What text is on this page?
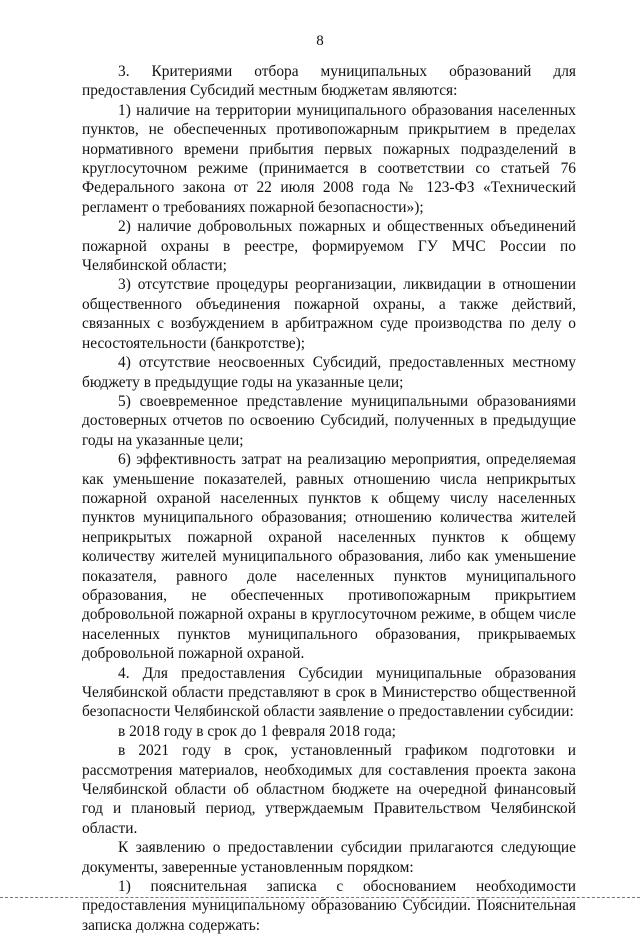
8

3. Критериями отбора муниципальных образований для предоставления Субсидий местным бюджетам являются:

1) наличие на территории муниципального образования населенных пунктов, не обеспеченных противопожарным прикрытием в пределах нормативного времени прибытия первых пожарных подразделений в круглосуточном режиме (принимается в соответствии со статьей 76 Федерального закона от 22 июля 2008 года № 123-ФЗ «Технический регламент о требованиях пожарной безопасности»);

2) наличие добровольных пожарных и общественных объединений пожарной охраны в реестре, формируемом ГУ МЧС России по Челябинской области;

3) отсутствие процедуры реорганизации, ликвидации в отношении общественного объединения пожарной охраны, а также действий, связанных с возбуждением в арбитражном суде производства по делу о несостоятельности (банкротстве);

4) отсутствие неосвоенных Субсидий, предоставленных местному бюджету в предыдущие годы на указанные цели;

5) своевременное представление муниципальными образованиями достоверных отчетов по освоению Субсидий, полученных в предыдущие годы на указанные цели;

6) эффективность затрат на реализацию мероприятия, определяемая как уменьшение показателей, равных отношению числа неприкрытых пожарной охраной населенных пунктов к общему числу населенных пунктов муниципального образования; отношению количества жителей неприкрытых пожарной охраной населенных пунктов к общему количеству жителей муниципального образования, либо как уменьшение показателя, равного доле населенных пунктов муниципального образования, не обеспеченных противопожарным прикрытием добровольной пожарной охраны в круглосуточном режиме, в общем числе населенных пунктов муниципального образования, прикрываемых добровольной пожарной охраной.

4. Для предоставления Субсидии муниципальные образования Челябинской области представляют в срок в Министерство общественной безопасности Челябинской области заявление о предоставлении субсидии:

в 2018 году в срок до 1 февраля 2018 года;

в 2021 году в срок, установленный графиком подготовки и рассмотрения материалов, необходимых для составления проекта закона Челябинской области об областном бюджете на очередной финансовый год и плановый период, утверждаемым Правительством Челябинской области.

К заявлению о предоставлении субсидии прилагаются следующие документы, заверенные установленным порядком:

1) пояснительная записка с обоснованием необходимости предоставления муниципальному образованию Субсидии. Пояснительная записка должна содержать:
